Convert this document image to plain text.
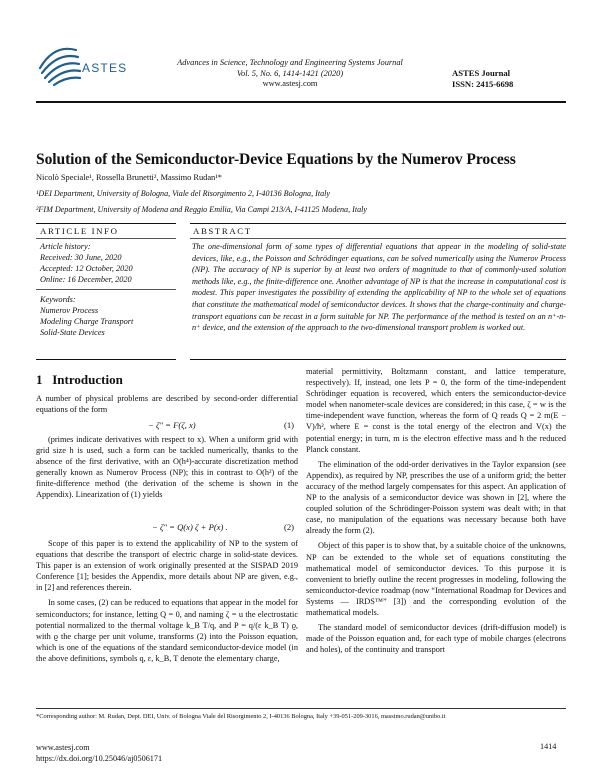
ASTES	Advances in Science, Technology and Engineering Systems Journal
Vol. 5, No. 6, 1414-1421 (2020)
www.astesj.com
ASTES Journal
ISSN: 2415-6698
Solution of the Semiconductor-Device Equations by the Numerov Process
Nicolò Speciale¹, Rossella Brunetti², Massimo Rudan¹*
¹DEI Department, University of Bologna, Viale del Risorgimento 2, I-40136 Bologna, Italy
²FIM Department, University of Modena and Reggio Emilia, Via Campi 213/A, I-41125 Modena, Italy
ARTICLE INFO	ABSTRACT
Article history:
Received: 30 June, 2020
Accepted: 12 October, 2020
Online: 16 December, 2020
Keywords:
Numerov Process
Modeling Charge Transport
Solid-State Devices
The one-dimensional form of some types of differential equations that appear in the modeling of solid-state devices, like, e.g., the Poisson and Schrödinger equations, can be solved numerically using the Numerov Process (NP). The accuracy of NP is superior by at least two orders of magnitude to that of commonly-used solution methods like, e.g., the finite-difference one. Another advantage of NP is that the increase in computational cost is modest. This paper investigates the possibility of extending the applicability of NP to the whole set of equations that constitute the mathematical model of semiconductor devices. It shows that the charge-continuity and charge-transport equations can be recast in a form suitable for NP. The performance of the method is tested on an n⁺-n-n⁺ device, and the extension of the approach to the two-dimensional transport problem is worked out.
1 Introduction

A number of physical problems are described by second-order differential equations of the form

− ζ″ = F(ζ, x)	(1)

(primes indicate derivatives with respect to x). When a uniform grid with grid size h is used, such a form can be tackled numerically, thanks to the absence of the first derivative, with an O(h⁴)-accurate discretization method generally known as Numerov Process (NP); this in contrast to O(h²) of the finite-difference method (the derivation of the scheme is shown in the Appendix). Linearization of (1) yields

− ζ″ = Q(x) ζ + P(x) .	(2)

Scope of this paper is to extend the applicability of NP to the system of equations that describe the transport of electric charge in solid-state devices. This paper is an extension of work originally presented at the SISPAD 2019 Conference [1]; besides the Appendix, more details about NP are given, e.g., in [2] and references therein.

In some cases, (2) can be reduced to equations that appear in the model for semiconductors; for instance, letting Q = 0, and naming ζ = u the electrostatic potential normalized to the thermal voltage k_B T/q, and P = q/(ε k_B T) ϱ, with ϱ the charge per unit volume, transforms (2) into the Poisson equation, which is one of the equations of the standard semiconductor-device model (in the above definitions, symbols q, ε, k_B, T denote the elementary charge,

material permittivity, Boltzmann constant, and lattice temperature, respectively). If, instead, one lets P = 0, the form of the time-independent Schrödinger equation is recovered, which enters the semiconductor-device model when nanometer-scale devices are considered; in this case, ζ = w is the time-independent wave function, whereas the form of Q reads Q = 2 m(E − V)/ħ², where E = const is the total energy of the electron and V(x) the potential energy; in turn, m is the electron effective mass and ħ the reduced Planck constant.

The elimination of the odd-order derivatives in the Taylor expansion (see Appendix), as required by NP, prescribes the use of a uniform grid; the better accuracy of the method largely compensates for this aspect. An application of NP to the analysis of a semiconductor device was shown in [2], where the coupled solution of the Schrödinger-Poisson system was dealt with; in that case, no manipulation of the equations was necessary because both have already the form (2).

Object of this paper is to show that, by a suitable choice of the unknowns, NP can be extended to the whole set of equations constituting the mathematical model of semiconductor devices. To this purpose it is convenient to briefly outline the recent progresses in modeling, following the semiconductor-device roadmap (now “International Roadmap for Devices and Systems — IRDS™” [3]) and the corresponding evolution of the mathematical models.

The standard model of semiconductor devices (drift-diffusion model) is made of the Poisson equation and, for each type of mobile charges (electrons and holes), of the continuity and transport

*Corresponding author: M. Rudan, Dept. DEI, Univ. of Bologna Viale del Risorgimento 2, I-40136 Bologna, Italy +39-051-209-3016, massimo.rudan@unibo.it
www.astesj.com
https://dx.doi.org/10.25046/aj0506171
1414
